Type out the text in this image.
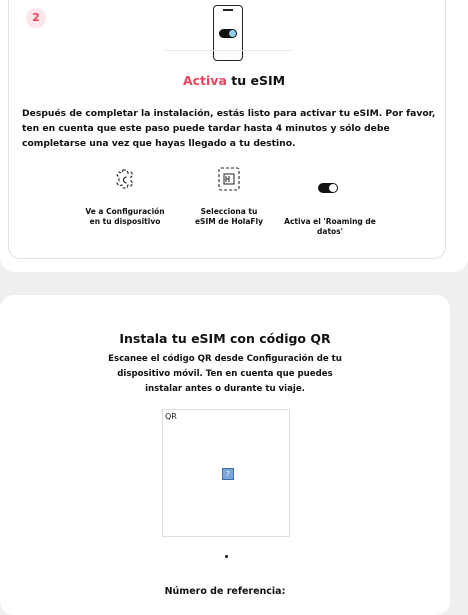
2
Activa tu eSIM
Después de completar la instalación, estás listo para activar tu eSIM. Por favor, ten en cuenta que este paso puede tardar hasta 4 minutos y sólo debe completarse una vez que hayas llegado a tu destino.
Ve a Configuración en tu dispositivo
Selecciona tu eSIM de HolaFly	Activa el 'Roaming de datos'
Instala tu eSIM con código QR
Escanee el código QR desde Configuración de tu dispositivo móvil. Ten en cuenta que puedes instalar antes o durante tu viaje.
QR
?
Número de referencia:
